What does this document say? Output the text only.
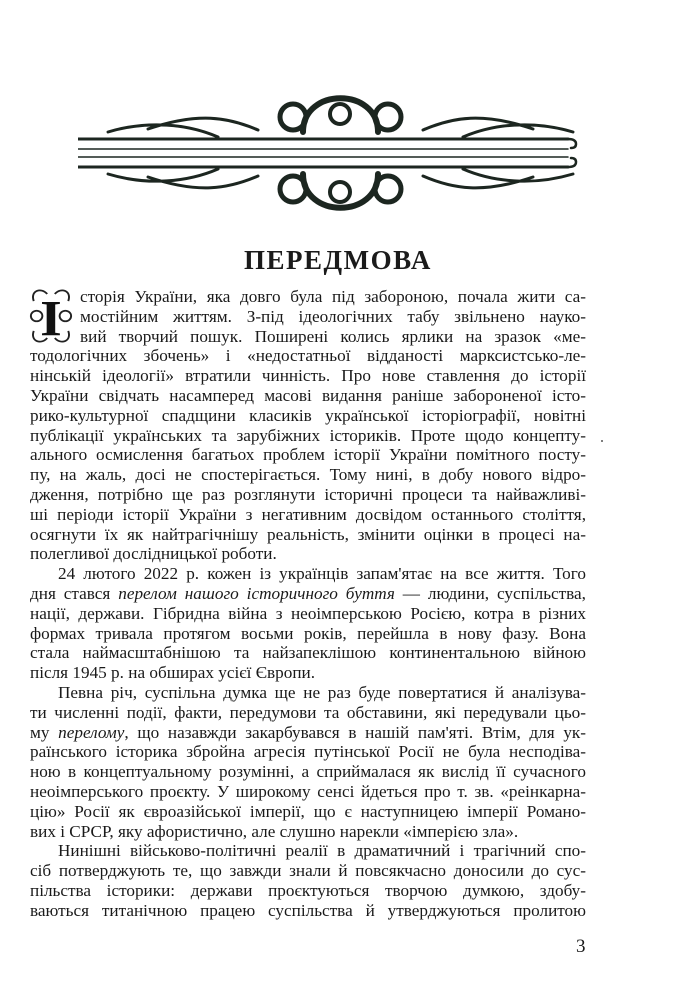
ПЕРЕДМОВА
І	сторія України, яка довго була під забороною, почала жити са-
мостійним життям. З-під ідеологічних табу звільнено науко-
вий творчий пошук. Поширені колись ярлики на зразок «ме-
тодологічних збочень» і «недостатньої відданості марксистсько-ле-
нінській ідеології» втратили чинність. Про нове ставлення до історії
України свідчать насамперед масові видання раніше забороненої істо-
рико-культурної спадщини класиків української історіографії, новітні
публікації українських та зарубіжних істориків. Проте щодо концепту-
ального осмислення багатьох проблем історії України помітного посту-
пу, на жаль, досі не спостерігається. Тому нині, в добу нового відро-
дження, потрібно ще раз розглянути історичні процеси та найважливі-
ші періоди історії України з негативним досвідом останнього століття,
осягнути їх як найтрагічнішу реальність, змінити оцінки в процесі на-
полегливої дослідницької роботи.
24 лютого 2022 р. кожен із українців запам'ятає на все життя. Того
дня стався перелом нашого історичного буття — людини, суспільства,
нації, держави. Гібридна війна з неоімперською Росією, котра в різних
формах тривала протягом восьми років, перейшла в нову фазу. Вона
стала наймасштабнішою та найзапеклішою континентальною війною
після 1945 р. на обширах усієї Європи.
Певна річ, суспільна думка ще не раз буде повертатися й аналізува-
ти численні події, факти, передумови та обставини, які передували цьо-
му перелому, що назавжди закарбувався в нашій пам'яті. Втім, для ук-
раїнського історика збройна агресія путінської Росії не була несподіва-
ною в концептуальному розумінні, а сприймалася як вислід її сучасного
неоімперського проєкту. У широкому сенсі йдеться про т. зв. «реінкарна-
цію» Росії як євроазійської імперії, що є наступницею імперії Романо-
вих і СРСР, яку афористично, але слушно нарекли «імперією зла».
Нинішні військово-політичні реалії в драматичний і трагічний спо-
сіб потверджують те, що завжди знали й повсякчасно доносили до сус-
пільства історики: держави проєктуються творчою думкою, здобу-
ваються титанічною працею суспільства й утверджуються пролитою
3
